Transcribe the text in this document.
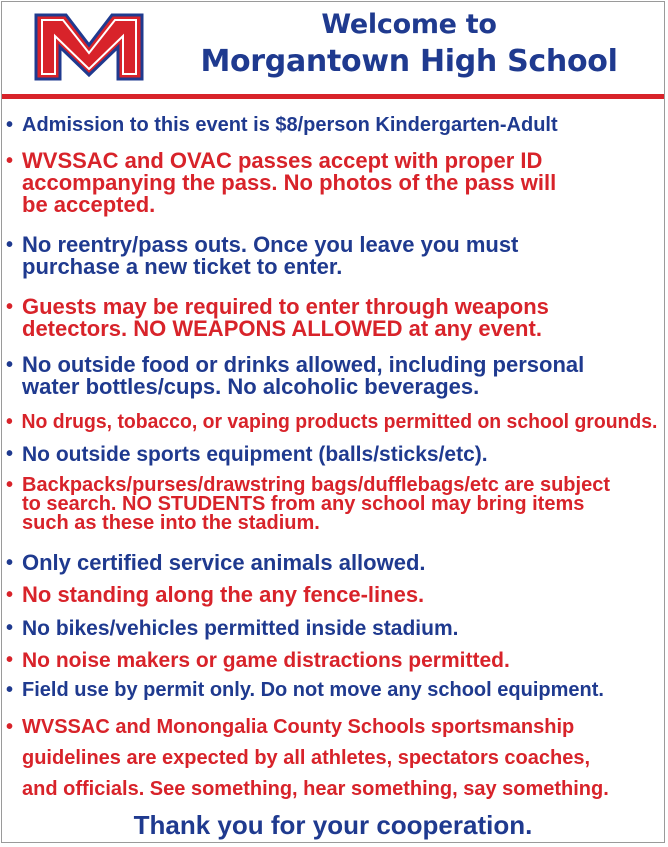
M	Welcome to
Morgantown High School
• Admission to this event is $8/person Kindergarten-Adult
• WVSSAC and OVAC passes accept with proper ID
accompanying the pass. No photos of the pass will
be accepted.
• No reentry/pass outs. Once you leave you must
purchase a new ticket to enter.
• Guests may be required to enter through weapons
detectors. NO WEAPONS ALLOWED at any event.
• No outside food or drinks allowed, including personal
water bottles/cups. No alcoholic beverages.
• No drugs, tobacco, or vaping products permitted on school grounds.
• No outside sports equipment (balls/sticks/etc).
• Backpacks/purses/drawstring bags/dufflebags/etc are subject
to search. NO STUDENTS from any school may bring items
such as these into the stadium.
• Only certified service animals allowed.
• No standing along the any fence-lines.
• No bikes/vehicles permitted inside stadium.
• No noise makers or game distractions permitted.
• Field use by permit only. Do not move any school equipment.
• WVSSAC and Monongalia County Schools sportsmanship
guidelines are expected by all athletes, spectators coaches,
and officials. See something, hear something, say something.
Thank you for your cooperation.
